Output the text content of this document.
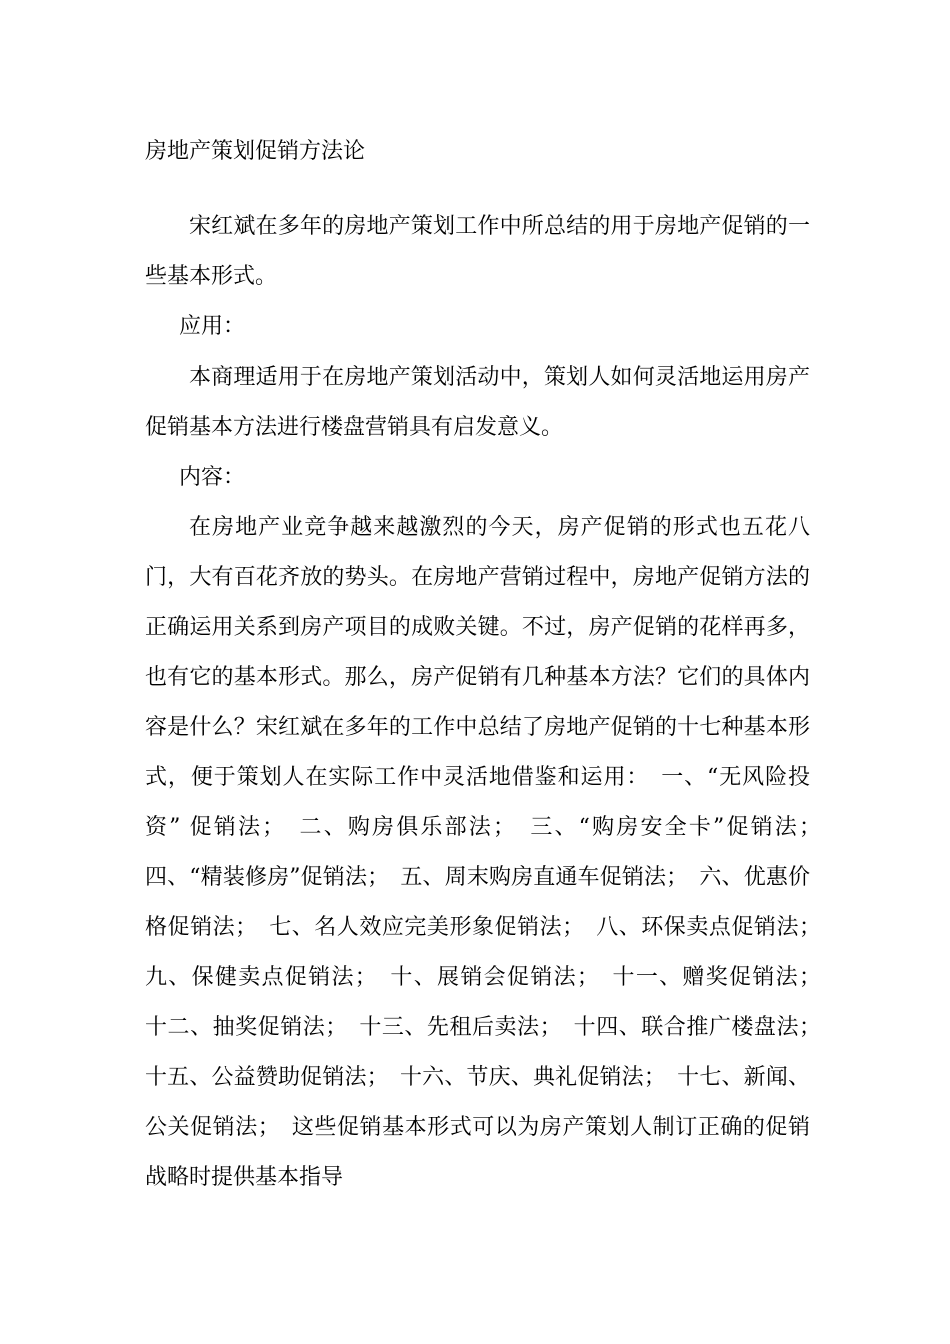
房地产策划促销方法论
宋红斌在多年的房地产策划工作中所总结的用于房地产促销的一些基本形式。
应用：
本商理适用于在房地产策划活动中，策划人如何灵活地运用房产促销基本方法进行楼盘营销具有启发意义。
内容：
在房地产业竞争越来越激烈的今天，房产促销的形式也五花八门，大有百花齐放的势头。在房地产营销过程中，房地产促销方法的正确运用关系到房产项目的成败关键。不过，房产促销的花样再多，也有它的基本形式。那么，房产促销有几种基本方法？它们的具体内容是什么？宋红斌在多年的工作中总结了房地产促销的十七种基本形式，便于策划人在实际工作中灵活地借鉴和运用：　一、“无风险投资” 促销法；　二、购房俱乐部法；　三、“购房安全卡”促销法；　四、“精装修房”促销法；　五、周末购房直通车促销法；　六、优惠价格促销法；　七、名人效应完美形象促销法；　八、环保卖点促销法；　九、保健卖点促销法；　十、展销会促销法；　十一、赠奖促销法；　十二、抽奖促销法；　十三、先租后卖法；　十四、联合推广楼盘法；　十五、公益赞助促销法；　十六、节庆、典礼促销法；　十七、新闻、公关促销法；　这些促销基本形式可以为房产策划人制订正确的促销战略时提供基本指导
